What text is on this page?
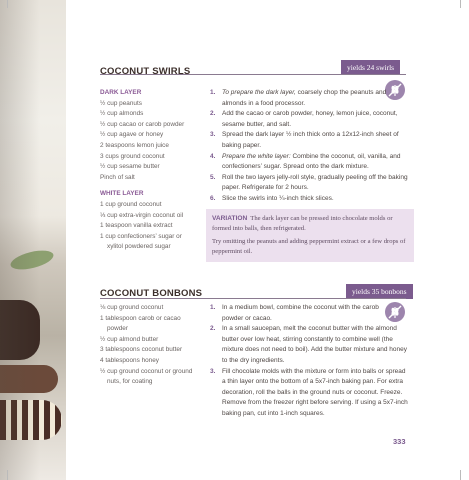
yields 24 swirls
COCONUT SWIRLS
DARK LAYER
½ cup peanuts
½ cup almonds
½ cup cacao or carob powder
½ cup agave or honey
2 teaspoons lemon juice
3 cups ground coconut
½ cup sesame butter
Pinch of salt
WHITE LAYER
1 cup ground coconut
⅓ cup extra-virgin coconut oil
1 teaspoon vanilla extract
1 cup confectioners’ sugar or
xylitol powdered sugar
1. To prepare the dark layer, coarsely chop the peanuts and almonds in a food processor.
2. Add the cacao or carob powder, honey, lemon juice, coconut, sesame butter, and salt.
3. Spread the dark layer ½ inch thick onto a 12x12-inch sheet of baking paper.
4. Prepare the white layer: Combine the coconut, oil, vanilla, and confectioners’ sugar. Spread onto the dark mixture.
5. Roll the two layers jelly-roll style, gradually peeling off the baking paper. Refrigerate for 2 hours.
6. Slice the swirls into ¼-inch thick slices.
VARIATION The dark layer can be pressed into chocolate molds or formed into balls, then refrigerated.
Try omitting the peanuts and adding peppermint extract or a few drops of peppermint oil.
yields 35 bonbons
COCONUT BONBONS
⅛ cup ground coconut
1 tablespoon carob or cacao
powder
½ cup almond butter
3 tablespoons coconut butter
4 tablespoons honey
½ cup ground coconut or ground
nuts, for coating
1. In a medium bowl, combine the coconut with the carob powder or cacao.
2. In a small saucepan, melt the coconut butter with the almond butter over low heat, stirring constantly to combine well (the mixture does not need to boil). Add the butter mixture and honey to the dry ingredients.
3. Fill chocolate molds with the mixture or form into balls or spread a thin layer onto the bottom of a 5x7-inch baking pan. For extra decoration, roll the balls in the ground nuts or coconut. Freeze. Remove from the freezer right before serving. If using a 5x7-inch baking pan, cut into 1-inch squares.
333
